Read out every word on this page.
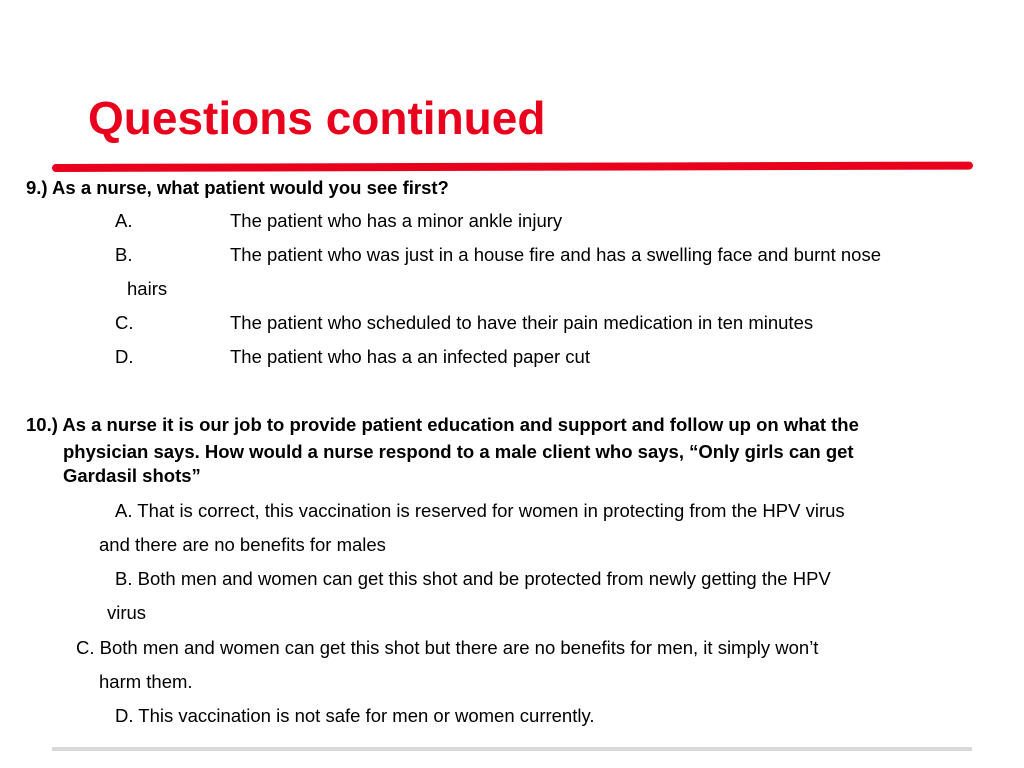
Questions continued
9.) As a nurse, what patient would you see first?
A.	The patient who has a minor ankle injury
B.	The patient who was just in a house fire and has a swelling face and burnt nose
hairs
C.	The patient who scheduled to have their pain medication in ten minutes
D.	The patient who has a an infected paper cut
10.) As a nurse it is our job to provide patient education and support and follow up on what the
physician says. How would a nurse respond to a male client who says, “Only girls can get
Gardasil shots”
A. That is correct, this vaccination is reserved for women in protecting from the HPV virus
and there are no benefits for males
B. Both men and women can get this shot and be protected from newly getting the HPV
virus
C. Both men and women can get this shot but there are no benefits for men, it simply won’t
harm them.
D. This vaccination is not safe for men or women currently.
